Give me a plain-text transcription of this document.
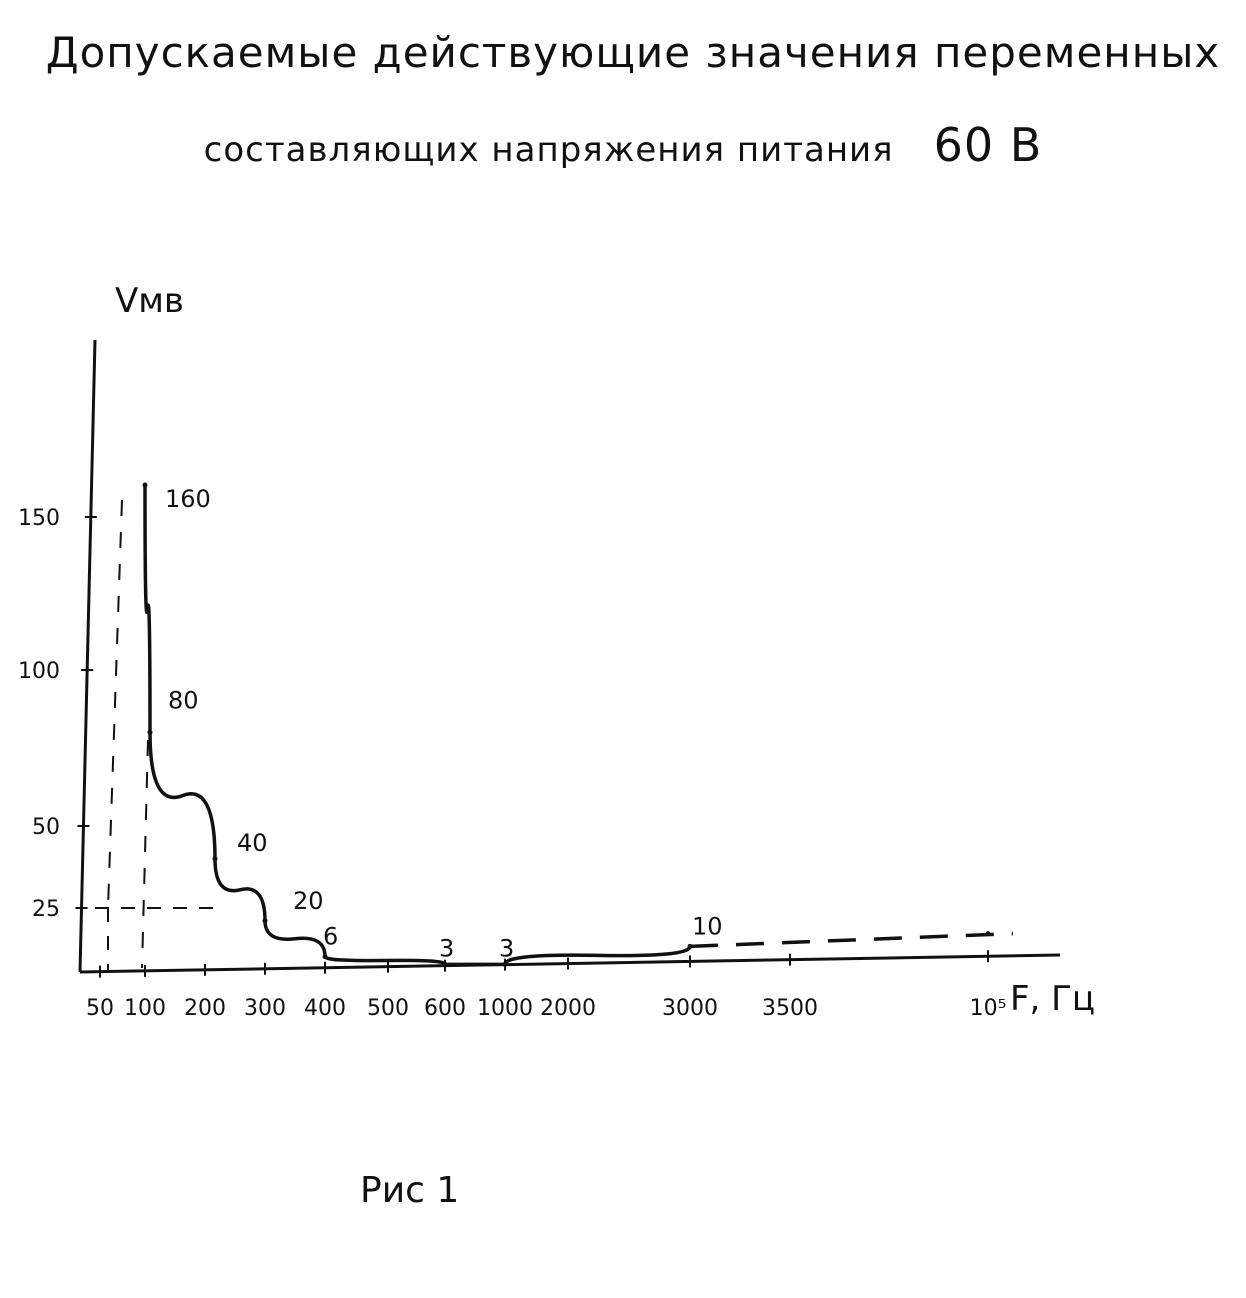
Допускаемые действующие значения переменных
составляющих напряжения питания 60 В
Vмв
F, Гц
50 100 200 300 400 500 600 1000 2000	3000 3500	10⁵
25
50
100
150
160
80
40
20
6	3 3
10
Рис 1
